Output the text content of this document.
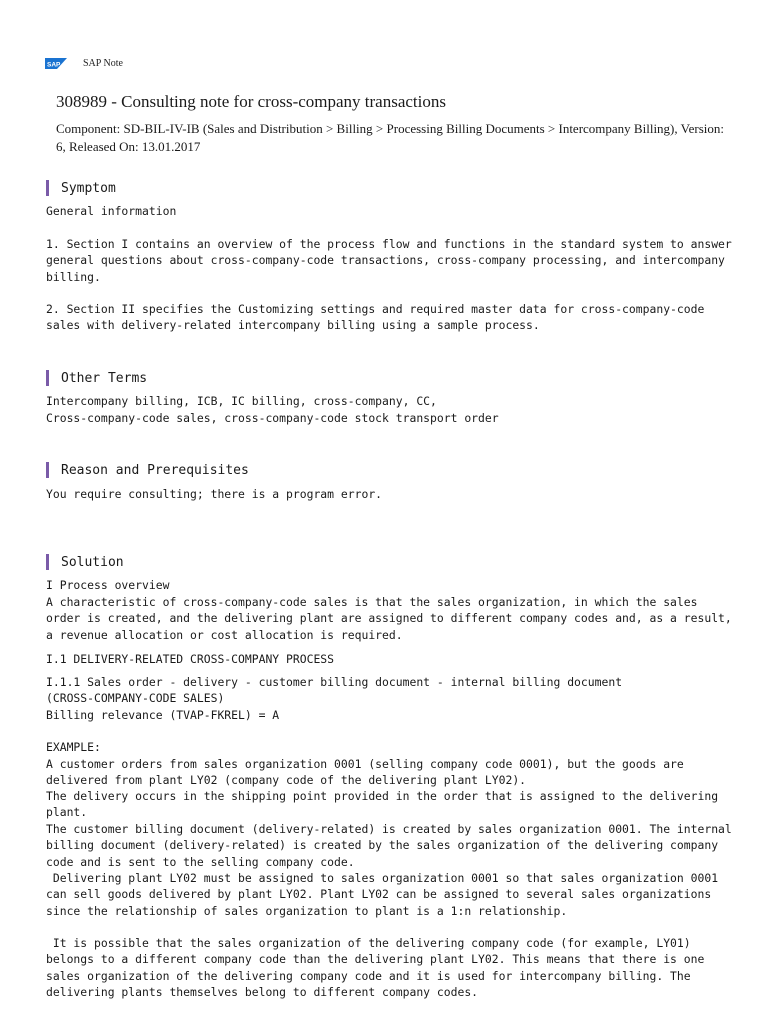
SAP SAP Note
308989 - Consulting note for cross-company transactions
Component: SD-BIL-IV-IB (Sales and Distribution > Billing > Processing Billing Documents > Intercompany Billing), Version: 6, Released On: 13.01.2017
Symptom

General information

1. Section I contains an overview of the process flow and functions in the standard system to answer general questions about cross-company-code transactions, cross-company processing, and intercompany billing.

2. Section II specifies the Customizing settings and required master data for cross-company-code sales with delivery-related intercompany billing using a sample process.

Other Terms

Intercompany billing, ICB, IC billing, cross-company, CC,

Cross-company-code sales, cross-company-code stock transport order

Reason and Prerequisites

You require consulting; there is a program error.

Solution

I Process overview

A characteristic of cross-company-code sales is that the sales organization, in which the sales order is created, and the delivering plant are assigned to different company codes and, as a result, a revenue allocation or cost allocation is required.

I.1 DELIVERY-RELATED CROSS-COMPANY PROCESS

I.1.1 Sales order - delivery - customer billing document - internal billing document

(CROSS-COMPANY-CODE SALES)

Billing relevance (TVAP-FKREL) = A

EXAMPLE:

A customer orders from sales organization 0001 (selling company code 0001), but the goods are delivered from plant LY02 (company code of the delivering plant LY02).

The delivery occurs in the shipping point provided in the order that is assigned to the delivering plant.

The customer billing document (delivery-related) is created by sales organization 0001. The internal billing document (delivery-related) is created by the sales organization of the delivering company code and is sent to the selling company code.

Delivering plant LY02 must be assigned to sales organization 0001 so that sales organization 0001 can sell goods delivered by plant LY02. Plant LY02 can be assigned to several sales organizations since the relationship of sales organization to plant is a 1:n relationship.

It is possible that the sales organization of the delivering company code (for example, LY01) belongs to a different company code than the delivering plant LY02. This means that there is one sales organization of the delivering company code and it is used for intercompany billing. The delivering plants themselves belong to different company codes.
